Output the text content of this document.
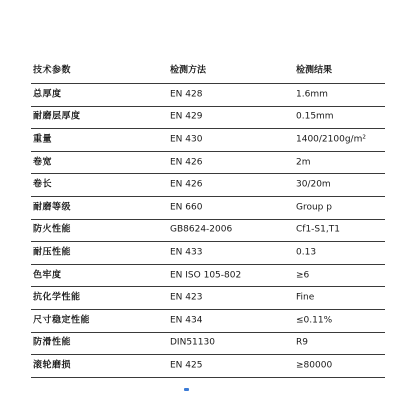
技术参数	检测方法	检测结果
总厚度	EN 428	1.6mm
耐磨层厚度	EN 429	0.15mm
重量	EN 430	1400/2100g/m²
卷宽	EN 426	2m
卷长	EN 426	30/20m
耐磨等级	EN 660	Group p
防火性能	GB8624-2006	Cf1-S1,T1
耐压性能	EN 433	0.13
色牢度	EN ISO 105-802	≥6
抗化学性能	EN 423	Fine
尺寸稳定性能	EN 434	≤0.11%
防滑性能	DIN51130	R9
滚轮磨损	EN 425	≥80000
